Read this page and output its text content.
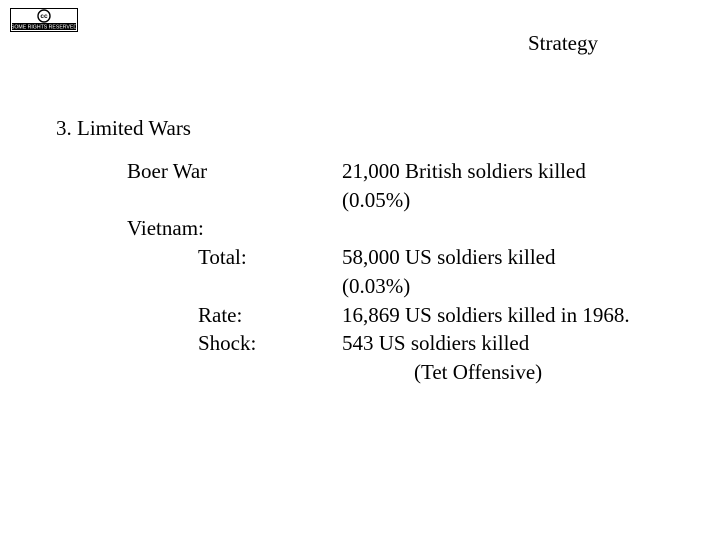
cc
SOME RIGHTS RESERVED
Strategy
3. Limited Wars
Boer War	21,000 British soldiers killed
(0.05%)
Vietnam:
Total:	58,000 US soldiers killed
(0.03%)
Rate:	16,869 US soldiers killed in 1968.
Shock:	543 US soldiers killed
(Tet Offensive)
